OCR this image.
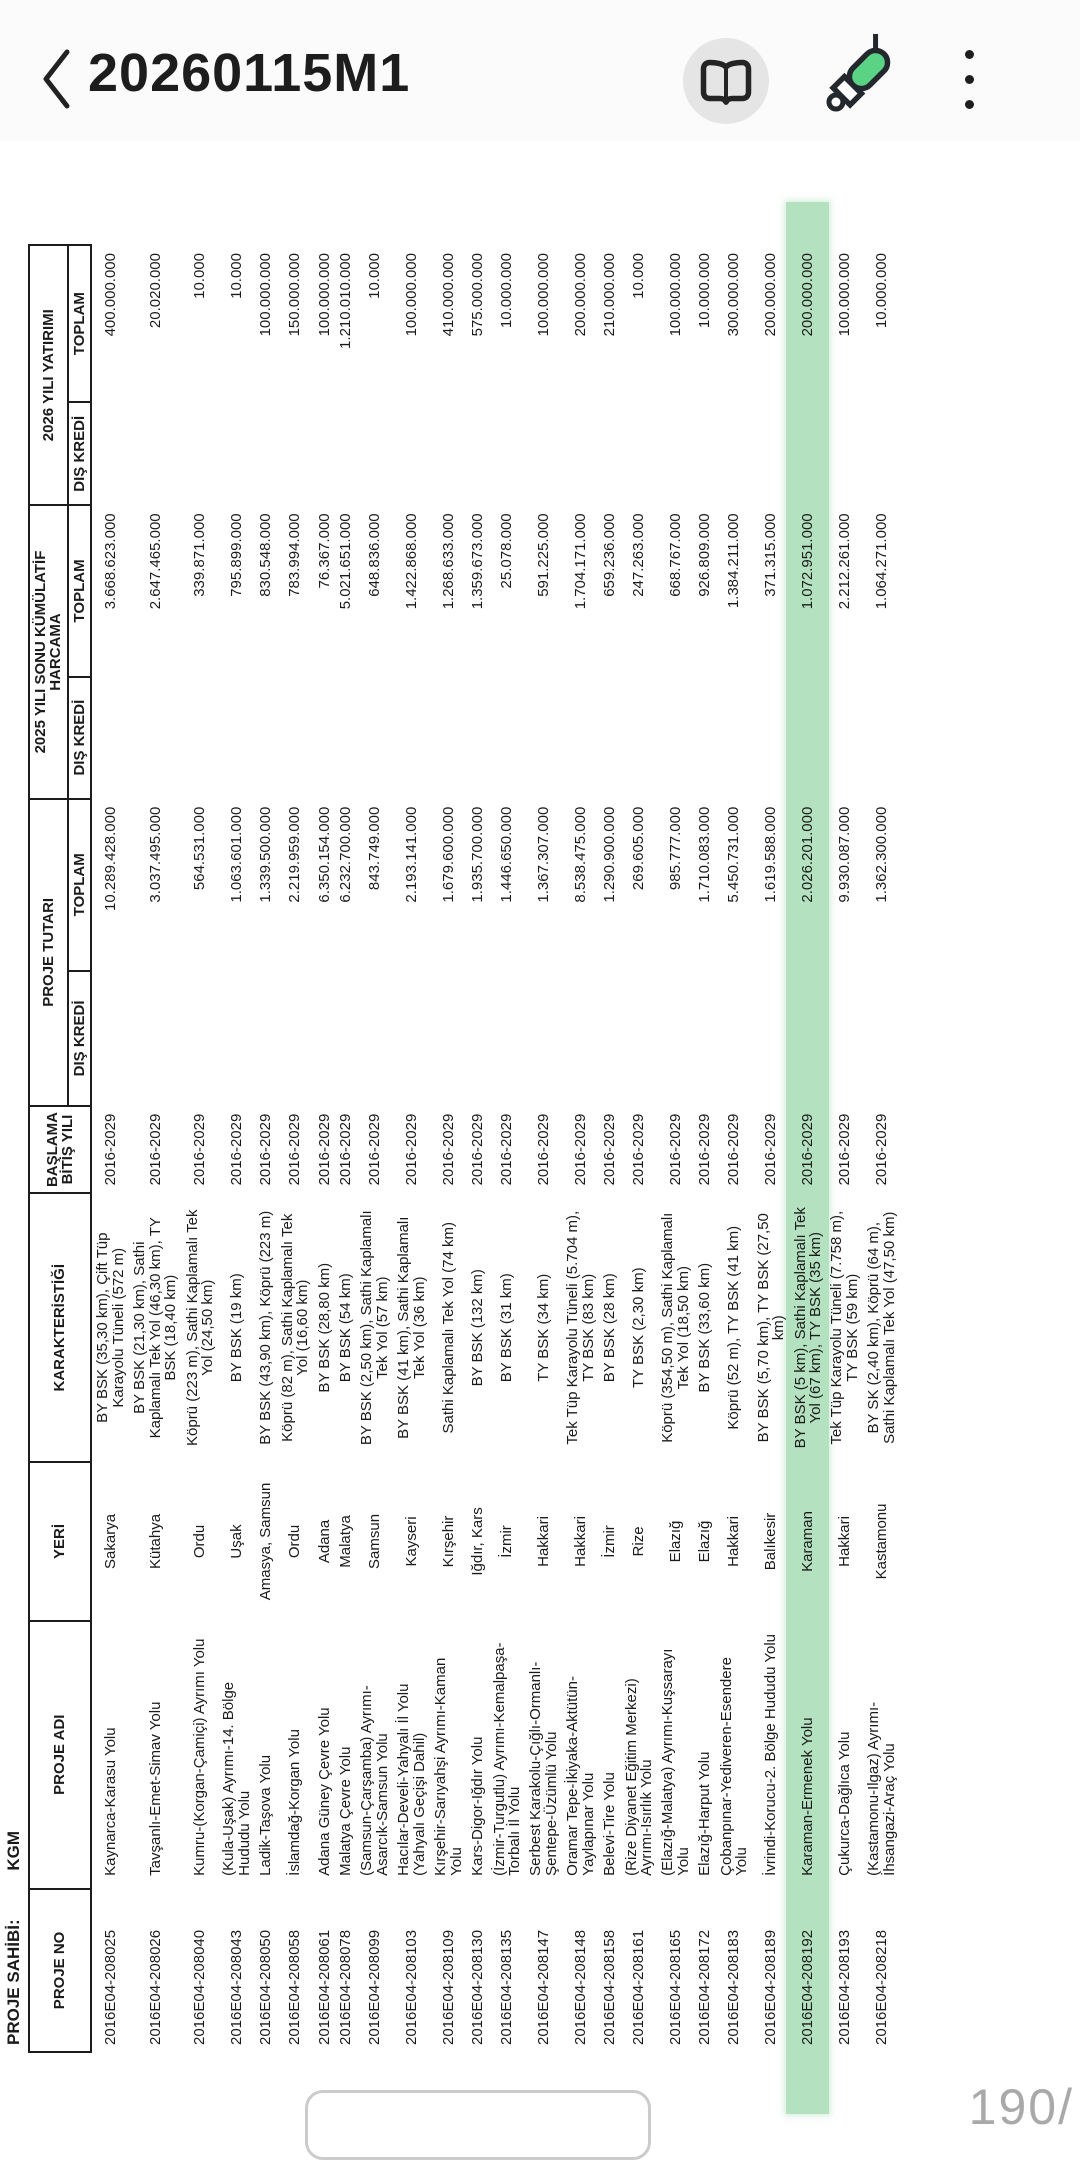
20260115M1
PROJE SAHİBİ: KGM
PROJE NO	PROJE ADI	YERİ	KARAKTERİSTİĞİ	BAŞLAMA BİTİŞ YILI	PROJE TUTARI		2025 YILI SONU KÜMÜLATİF HARCAMA		2026 YILI YATIRIMI	
					DIŞ KREDİ	TOPLAM	DIŞ KREDİ	TOPLAM	DIŞ KREDİ	TOPLAM
2016E04-208025	Kaynarca-Karasu Yolu	Sakarya	BY BSK (35,30 km), Çift Tüp Karayolu Tüneli (572 m)	2016-2029		10.289.428.000		3.668.623.000		400.000.000
2016E04-208026	Tavşanlı-Emet-Simav Yolu	Kütahya	BY BSK (21,30 km), Sathi Kaplamalı Tek Yol (46,30 km), TY BSK (18,40 km)	2016-2029		3.037.495.000		2.647.465.000		20.020.000
2016E04-208040	Kumru-(Korgan-Çamiçi) Ayrımı Yolu	Ordu	Köprü (223 m), Sathi Kaplamalı Tek Yol (24,50 km)	2016-2029		564.531.000		339.871.000		10.000
2016E04-208043	(Kula-Uşak) Ayrımı-14. Bölge Hududu Yolu	Uşak	BY BSK (19 km)	2016-2029		1.063.601.000		795.899.000		10.000
2016E04-208050	Ladik-Taşova Yolu	Amasya, Samsun	BY BSK (43,90 km), Köprü (223 m)	2016-2029		1.339.500.000		830.548.000		100.000.000
2016E04-208058	İslamdağ-Korgan Yolu	Ordu	Köprü (82 m), Sathi Kaplamalı Tek Yol (16,60 km)	2016-2029		2.219.959.000		783.994.000		150.000.000
2016E04-208061	Adana Güney Çevre Yolu	Adana	BY BSK (28,80 km)	2016-2029		6.350.154.000		76.367.000		100.000.000
2016E04-208078	Malatya Çevre Yolu	Malatya	BY BSK (54 km)	2016-2029		6.232.700.000		5.021.651.000		1.210.010.000
2016E04-208099	(Samsun-Çarşamba) Ayrımı-Asarcık-Samsun Yolu	Samsun	BY BSK (2,50 km), Sathi Kaplamalı Tek Yol (57 km)	2016-2029		843.749.000		648.836.000		10.000
2016E04-208103	Hacılar-Develi-Yahyalı İl Yolu (Yahyalı Geçişi Dahil)	Kayseri	BY BSK (41 km), Sathi Kaplamalı Tek Yol (36 km)	2016-2029		2.193.141.000		1.422.868.000		100.000.000
2016E04-208109	Kırşehir-Sarıyahşi Ayrımı-Kaman Yolu	Kırşehir	Sathi Kaplamalı Tek Yol (74 km)	2016-2029		1.679.600.000		1.268.633.000		410.000.000
2016E04-208130	Kars-Digor-Iğdır Yolu	Iğdır, Kars	BY BSK (132 km)	2016-2029		1.935.700.000		1.359.673.000		575.000.000
2016E04-208135	(İzmir-Turgutlu) Ayrımı-Kemalpaşa-Torbalı İl Yolu	İzmir	BY BSK (31 km)	2016-2029		1.446.650.000		25.078.000		10.000.000
2016E04-208147	Serbest Karakolu-Çığlı-Ormanlı-Şentepe-Üzümlü Yolu	Hakkari	TY BSK (34 km)	2016-2029		1.367.307.000		591.225.000		100.000.000
2016E04-208148	Oramar Tepe-İkiyaka-Aktütün-Yaylapınar Yolu	Hakkari	Tek Tüp Karayolu Tüneli (5.704 m), TY BSK (83 km)	2016-2029		8.538.475.000		1.704.171.000		200.000.000
2016E04-208158	Belevi-Tire Yolu	İzmir	BY BSK (28 km)	2016-2029		1.290.900.000		659.236.000		210.000.000
2016E04-208161	(Rize Diyanet Eğitim Merkezi) Ayrımı-Isırlık Yolu	Rize	TY BSK (2,30 km)	2016-2029		269.605.000		247.263.000		10.000
2016E04-208165	(Elazığ-Malatya) Ayrımı-Kuşsarayı Yolu	Elazığ	Köprü (354,50 m), Sathi Kaplamalı Tek Yol (18,50 km)	2016-2029		985.777.000		668.767.000		100.000.000
2016E04-208172	Elazığ-Harput Yolu	Elazığ	BY BSK (33,60 km)	2016-2029		1.710.083.000		926.809.000		10.000.000
2016E04-208183	Çobanpınar-Yediveren-Esendere Yolu	Hakkari	Köprü (52 m), TY BSK (41 km)	2016-2029		5.450.731.000		1.384.211.000		300.000.000
2016E04-208189	İvrindi-Korucu-2. Bölge Hududu Yolu	Balıkesir	BY BSK (5,70 km), TY BSK (27,50 km)	2016-2029		1.619.588.000		371.315.000		200.000.000
2016E04-208192	Karaman-Ermenek Yolu	Karaman	BY BSK (5 km), Sathi Kaplamalı Tek Yol (67 km), TY BSK (35 km)	2016-2029		2.026.201.000		1.072.951.000		200.000.000
2016E04-208193	Çukurca-Dağlıca Yolu	Hakkari	Tek Tüp Karayolu Tüneli (7.758 m), TY BSK (59 km)	2016-2029		9.930.087.000		2.212.261.000		100.000.000
2016E04-208218	(Kastamonu-Ilgaz) Ayrımı-İhsangazi-Araç Yolu	Kastamonu	BY SK (2,40 km), Köprü (64 m), Sathi Kaplamalı Tek Yol (47,50 km)	2016-2029		1.362.300.000		1.064.271.000		10.000.000
190/
